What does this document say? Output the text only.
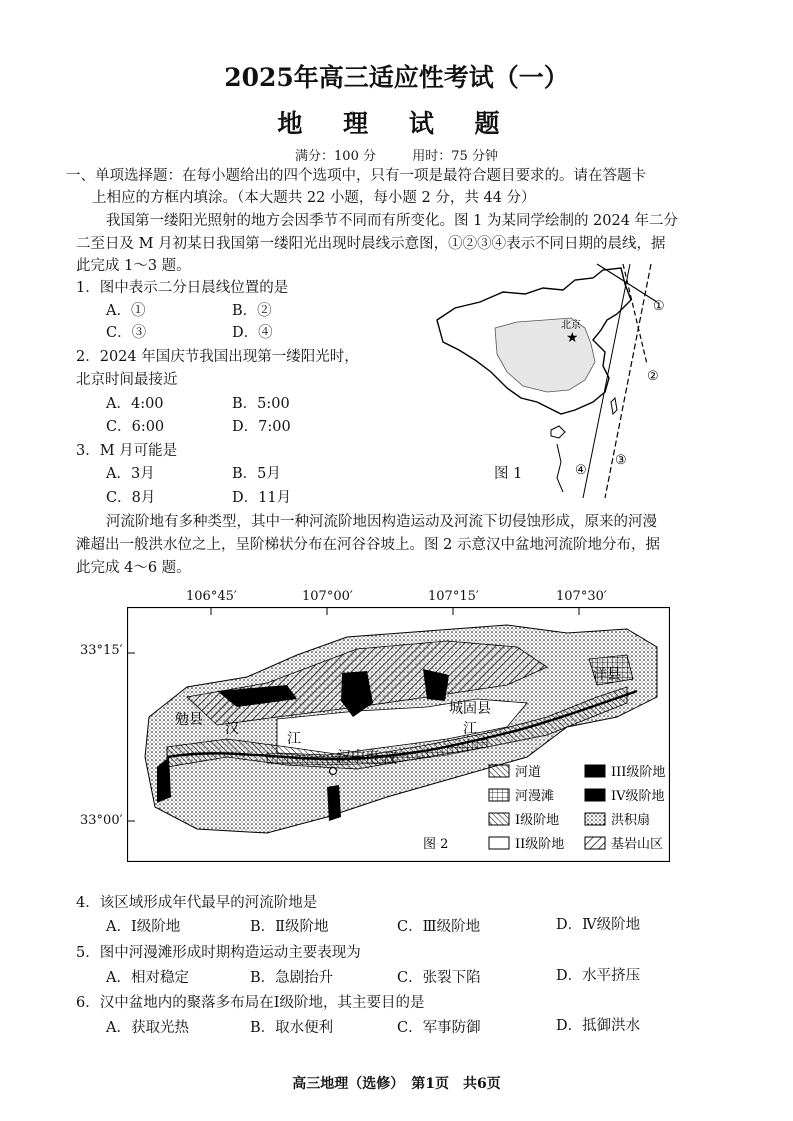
2025年高三适应性考试（一）
地 理 试 题
满分：100 分	用时：75 分钟
一、单项选择题：在每小题给出的四个选项中，只有一项是最符合题目要求的。请在答题卡
上相应的方框内填涂。（本大题共 22 小题，每小题 2 分，共 44 分）
我国第一缕阳光照射的地方会因季节不同而有所变化。图 1 为某同学绘制的 2024 年二分
二至日及 M 月初某日我国第一缕阳光出现时晨线示意图，①②③④表示不同日期的晨线，据
此完成 1～3 题。
1．图中表示二分日晨线位置的是
A．①	B．②
C．③	D．④
2．2024 年国庆节我国出现第一缕阳光时，
北京时间最接近
A．4:00	B．5:00
C．6:00	D．7:00
3．M 月可能是
A．3月	B．5月
C．8月	D．11月
北京
★
①
②
③
④
图 1
河流阶地有多种类型，其中一种河流阶地因构造运动及河流下切侵蚀形成，原来的河漫
滩超出一般洪水位之上，呈阶梯状分布在河谷谷坡上。图 2 示意汉中盆地河流阶地分布，据
此完成 4～6 题。
106°45′	107°00′	107°15′	107°30′
33°15′
33°00′
勉县
汉中市
城固县
洋县
汉
江
汉
江
河道	III级阶地
河漫滩	IV级阶地
I级阶地	洪积扇
II级阶地	基岩山区
图 2
4．该区域形成年代最早的河流阶地是
A．Ⅰ级阶地	B．Ⅱ级阶地	C．Ⅲ级阶地	D．Ⅳ级阶地
5．图中河漫滩形成时期构造运动主要表现为
A．相对稳定	B．急剧抬升	C．张裂下陷	D．水平挤压
6．汉中盆地内的聚落多布局在Ⅰ级阶地，其主要目的是
A．获取光热	B．取水便利	C．军事防御	D．抵御洪水
高三地理（选修）　第1页　共6页
